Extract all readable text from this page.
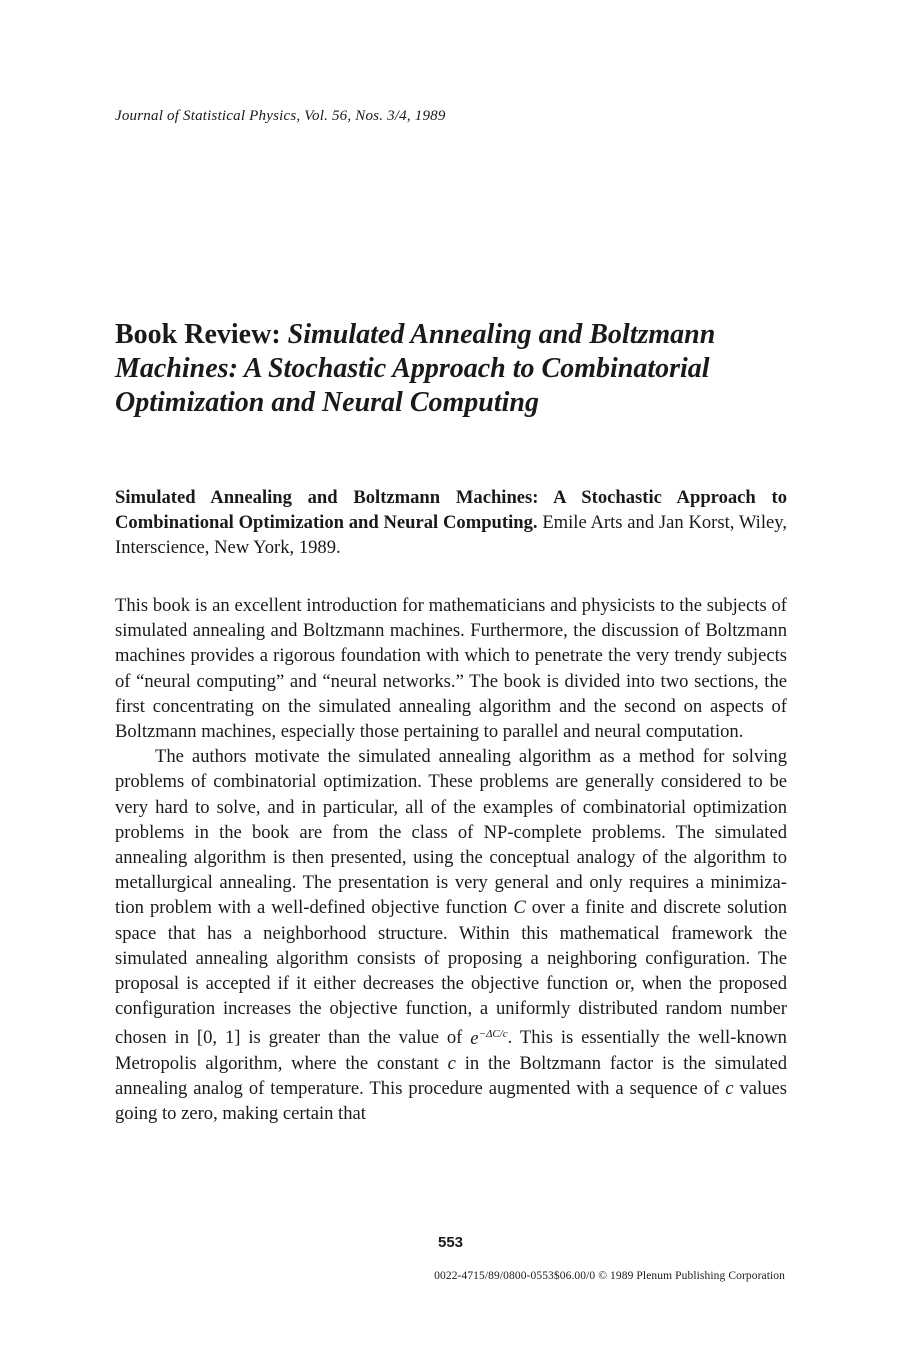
Journal of Statistical Physics, Vol. 56, Nos. 3/4, 1989
Book Review: Simulated Annealing and Boltzmann Machines: A Stochastic Approach to Combinatorial Optimization and Neural Computing

Simulated Annealing and Boltzmann Machines: A Stochastic Approach to Combinational Optimization and Neural Computing. Emile Arts and Jan Korst, Wiley, Interscience, New York, 1989.

This book is an excellent introduction for mathematicians and physicists to the subjects of simulated annealing and Boltzmann machines. Furthermore, the discussion of Boltzmann machines provides a rigorous foundation with which to penetrate the very trendy subjects of “neural computing” and “neural networks.” The book is divided into two sections, the first concentrating on the simulated annealing algorithm and the second on aspects of Boltzmann machines, especially those pertaining to parallel and neural computation.

The authors motivate the simulated annealing algorithm as a method for solving problems of combinatorial optimization. These problems are generally considered to be very hard to solve, and in particular, all of the examples of combinatorial optimization problems in the book are from the class of NP-complete problems. The simulated annealing algorithm is then presented, using the conceptual analogy of the algorithm to metallurgical annealing. The presentation is very general and only requires a minimization problem with a well-defined objective function C over a finite and discrete solution space that has a neighborhood structure. Within this mathematical framework the simulated annealing algorithm consists of proposing a neighboring configuration. The proposal is accepted if it either decreases the objective function or, when the proposed configuration increases the objective function, a uniformly distributed random number chosen in [0, 1] is greater than the value of $e^{-\Delta C/c}$. This is essentially the well-known Metropolis algorithm, where the constant c in the Boltzmann factor is the simulated annealing analog of temperature. This procedure augmented with a sequence of c values going to zero, making certain that

553
0022-4715/89/0800-0553$06.00/0 © 1989 Plenum Publishing Corporation
